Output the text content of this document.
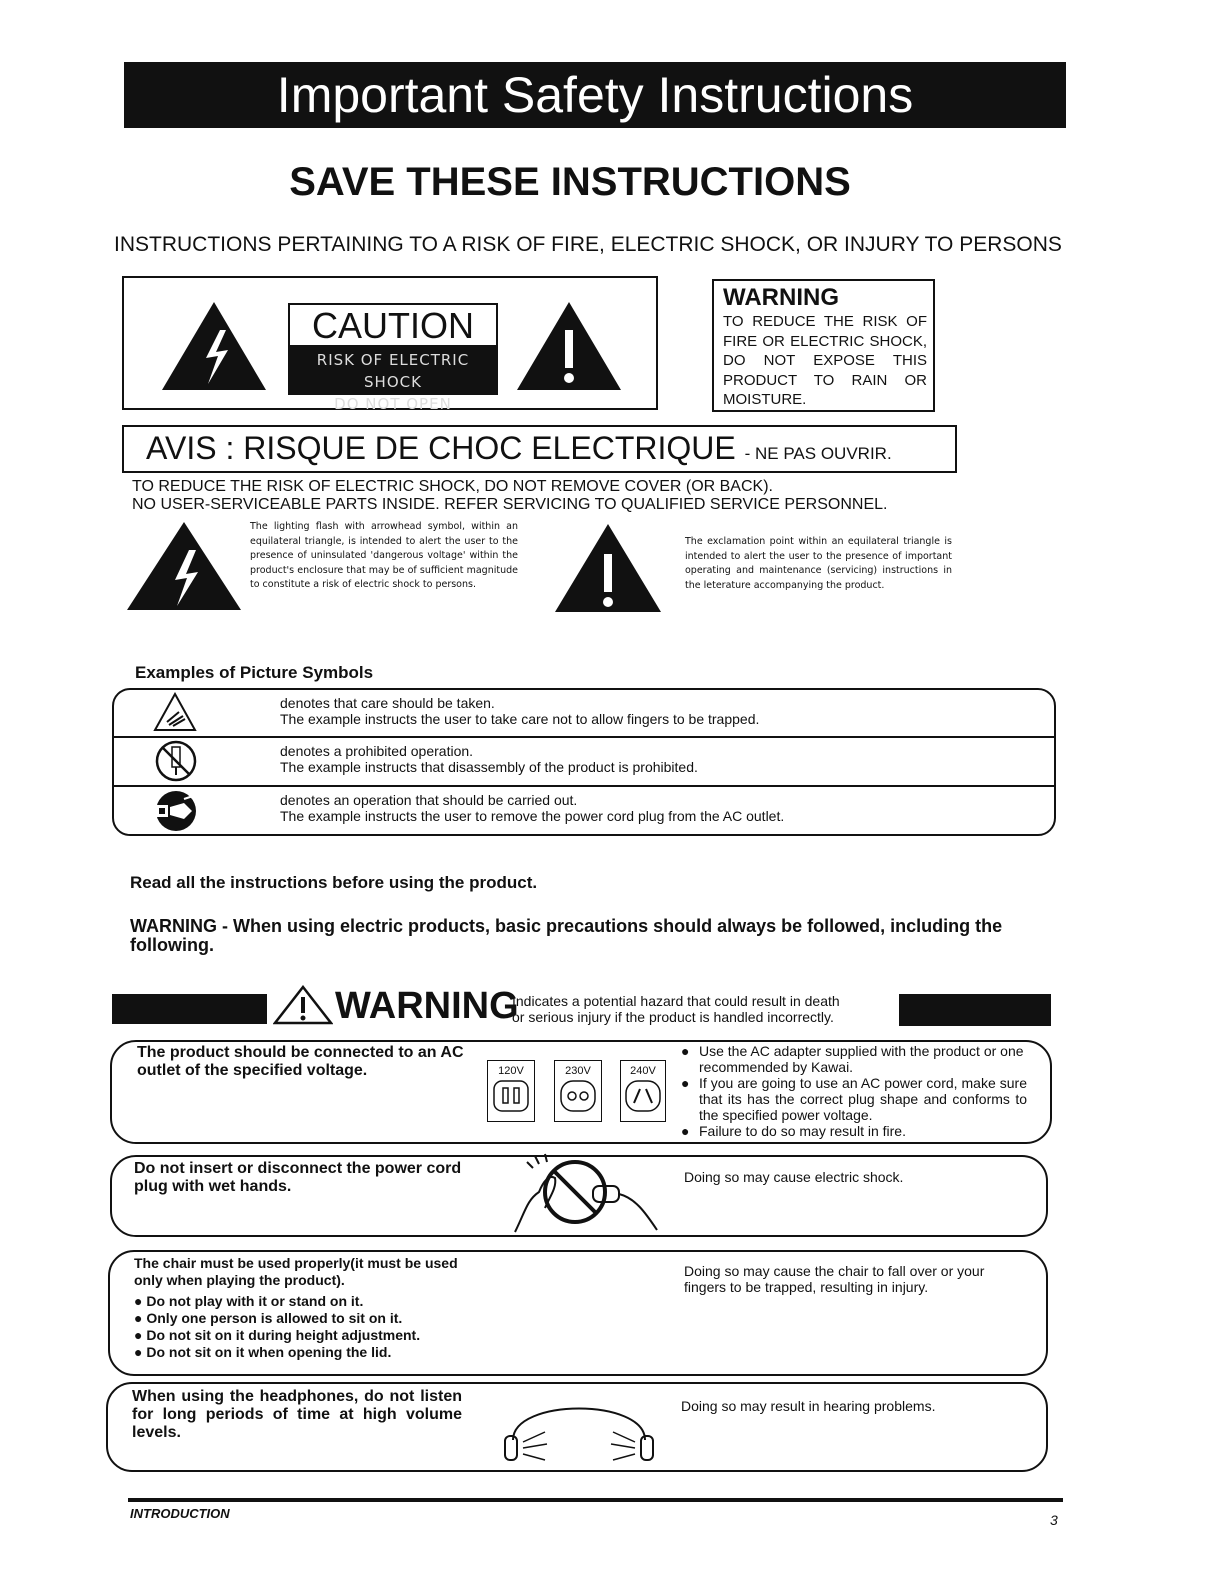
Important Safety Instructions
SAVE THESE INSTRUCTIONS
INSTRUCTIONS PERTAINING TO A RISK OF FIRE, ELECTRIC SHOCK, OR INJURY TO PERSONS
CAUTION
RISK OF ELECTRIC SHOCK
DO NOT OPEN
WARNING
TO REDUCE THE RISK OF FIRE OR ELECTRIC SHOCK, DO NOT EXPOSE THIS PRODUCT TO RAIN OR MOISTURE.
AVIS : RISQUE DE CHOC ELECTRIQUE - NE PAS OUVRIR.
TO REDUCE THE RISK OF ELECTRIC SHOCK, DO NOT REMOVE COVER (OR BACK).
NO USER-SERVICEABLE PARTS INSIDE. REFER SERVICING TO QUALIFIED SERVICE PERSONNEL.
The lighting flash with arrowhead symbol, within an equilateral triangle, is intended to alert the user to the presence of uninsulated 'dangerous voltage' within the product's enclosure that may be of sufficient magnitude to constitute a risk of electric shock to persons.
The exclamation point within an equilateral triangle is intended to alert the user to the presence of important operating and maintenance (servicing) instructions in the leterature accompanying the product.
Examples of Picture Symbols
denotes that care should be taken.
The example instructs the user to take care not to allow fingers to be trapped.
denotes a prohibited operation.
The example instructs that disassembly of the product is prohibited.
denotes an operation that should be carried out.
The example instructs the user to remove the power cord plug from the AC outlet.
Read all the instructions before using the product.
WARNING - When using electric products, basic precautions should always be followed, including the following.
WARNING
Indicates a potential hazard that could result in death
or serious injury if the product is handled incorrectly.
The product should be connected to an AC outlet of the specified voltage.	120V	230V	240V
● Use the AC adapter supplied with the product or one recommended by Kawai.
● If you are going to use an AC power cord, make sure that its has the correct plug shape and conforms to the specified power voltage.
● Failure to do so may result in fire.
Do not insert or disconnect the power cord plug with wet hands.
Doing so may cause electric shock.
The chair must be used properly(it must be used only when playing the product).
● Do not play with it or stand on it.
● Only one person is allowed to sit on it.
● Do not sit on it during height adjustment.
● Do not sit on it when opening the lid.
Doing so may cause the chair to fall over or your fingers to be trapped, resulting in injury.
When using the headphones, do not listen for long periods of time at high volume levels.
Doing so may result in hearing problems.
INTRODUCTION	3
